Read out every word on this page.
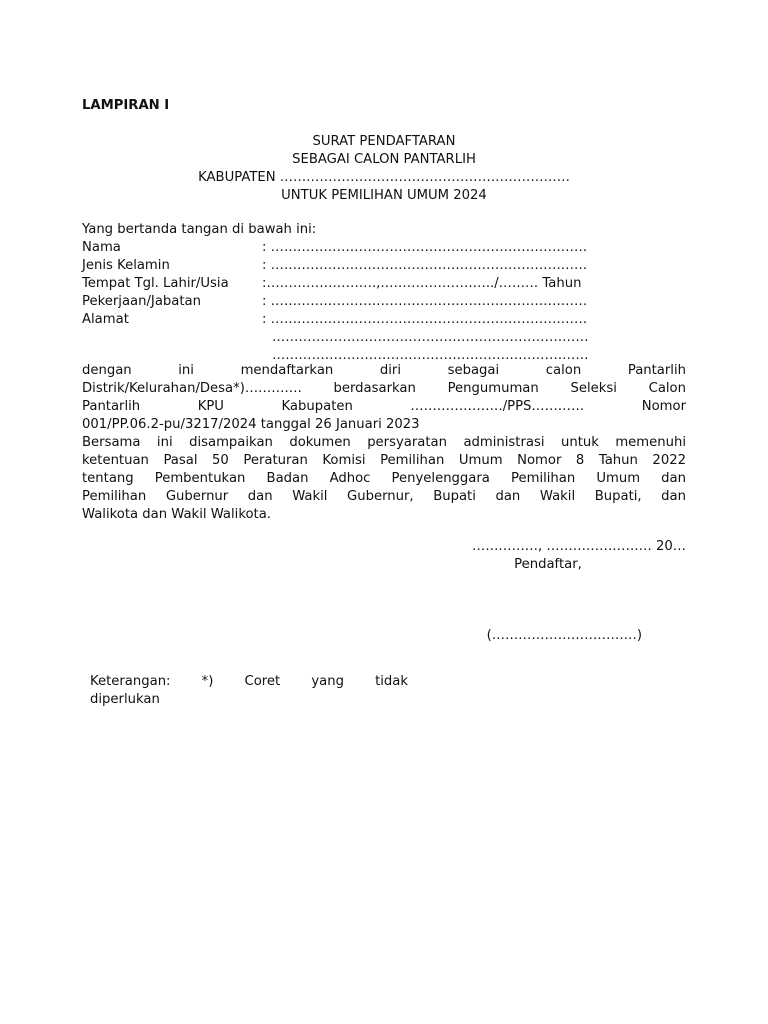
LAMPIRAN I
SURAT PENDAFTARAN
SEBAGAI CALON PANTARLIH
KABUPATEN …………………………………………………………
UNTUK PEMILIHAN UMUM 2024
Yang bertanda tangan di bawah ini:
Nama	: ………………………………………………………………
Jenis Kelamin	: ………………………………………………………………
Tempat Tgl. Lahir/Usia	:…………………….,……………………../……… Tahun
Pekerjaan/Jabatan	: ………………………………………………………………
Alamat	: ………………………………………………………………
………………………………………………………………
………………………………………………………………
dengan ini mendaftarkan diri sebagai calon Pantarlih
Distrik/Kelurahan/Desa*)…………. berdasarkan Pengumuman Seleksi Calon
Pantarlih KPU Kabupaten …………………/PPS………… Nomor
001/PP.06.2-pu/3217/2024 tanggal 26 Januari 2023
Bersama ini disampaikan dokumen persyaratan administrasi untuk memenuhi
ketentuan Pasal 50 Peraturan Komisi Pemilihan Umum Nomor 8 Tahun 2022
tentang Pembentukan Badan Adhoc Penyelenggara Pemilihan Umum dan
Pemilihan Gubernur dan Wakil Gubernur, Bupati dan Wakil Bupati, dan
Walikota dan Wakil Walikota.
……………, …………………… 20…
Pendaftar,
(……………………………)
Keterangan: *) Coret yang tidak
diperlukan
